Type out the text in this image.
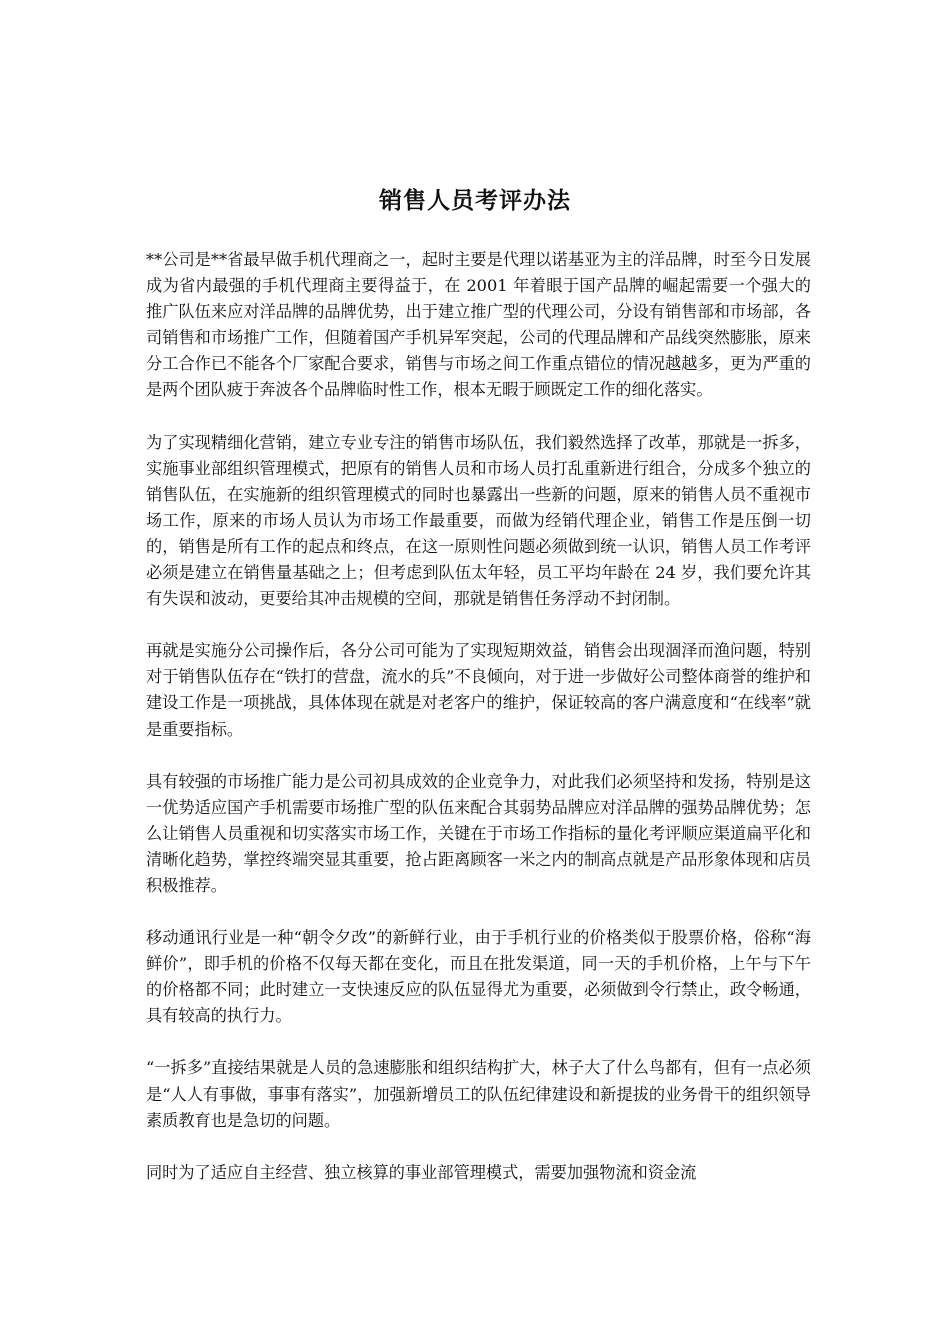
销售人员考评办法

**公司是**省最早做手机代理商之一，起时主要是代理以诺基亚为主的洋品牌，时至今日发展成为省内最强的手机代理商主要得益于，在 2001 年着眼于国产品牌的崛起需要一个强大的推广队伍来应对洋品牌的品牌优势，出于建立推广型的代理公司，分设有销售部和市场部，各司销售和市场推广工作，但随着国产手机异军突起，公司的代理品牌和产品线突然膨胀，原来分工合作已不能各个厂家配合要求，销售与市场之间工作重点错位的情况越越多，更为严重的是两个团队疲于奔波各个品牌临时性工作，根本无暇于顾既定工作的细化落实。

为了实现精细化营销，建立专业专注的销售市场队伍，我们毅然选择了改革，那就是一拆多，实施事业部组织管理模式，把原有的销售人员和市场人员打乱重新进行组合，分成多个独立的销售队伍，在实施新的组织管理模式的同时也暴露出一些新的问题，原来的销售人员不重视市场工作，原来的市场人员认为市场工作最重要，而做为经销代理企业，销售工作是压倒一切的，销售是所有工作的起点和终点，在这一原则性问题必须做到统一认识，销售人员工作考评必须是建立在销售量基础之上；但考虑到队伍太年轻，员工平均年龄在 24 岁，我们要允许其有失误和波动，更要给其冲击规模的空间，那就是销售任务浮动不封闭制。

再就是实施分公司操作后，各分公司可能为了实现短期效益，销售会出现涸泽而渔问题，特别对于销售队伍存在“铁打的营盘，流水的兵”不良倾向，对于进一步做好公司整体商誉的维护和建设工作是一项挑战，具体体现在就是对老客户的维护，保证较高的客户满意度和“在线率”就是重要指标。

具有较强的市场推广能力是公司初具成效的企业竞争力，对此我们必须坚持和发扬，特别是这一优势适应国产手机需要市场推广型的队伍来配合其弱势品牌应对洋品牌的强势品牌优势；怎么让销售人员重视和切实落实市场工作，关键在于市场工作指标的量化考评顺应渠道扁平化和清晰化趋势，掌控终端突显其重要，抢占距离顾客一米之内的制高点就是产品形象体现和店员积极推荐。

移动通讯行业是一种“朝令夕改”的新鲜行业，由于手机行业的价格类似于股票价格，俗称“海鲜价”，即手机的价格不仅每天都在变化，而且在批发渠道，同一天的手机价格，上午与下午的价格都不同；此时建立一支快速反应的队伍显得尤为重要，必须做到令行禁止，政令畅通，具有较高的执行力。

“一拆多”直接结果就是人员的急速膨胀和组织结构扩大，林子大了什么鸟都有，但有一点必须是“人人有事做，事事有落实”，加强新增员工的队伍纪律建设和新提拔的业务骨干的组织领导素质教育也是急切的问题。

同时为了适应自主经营、独立核算的事业部管理模式，需要加强物流和资金流
